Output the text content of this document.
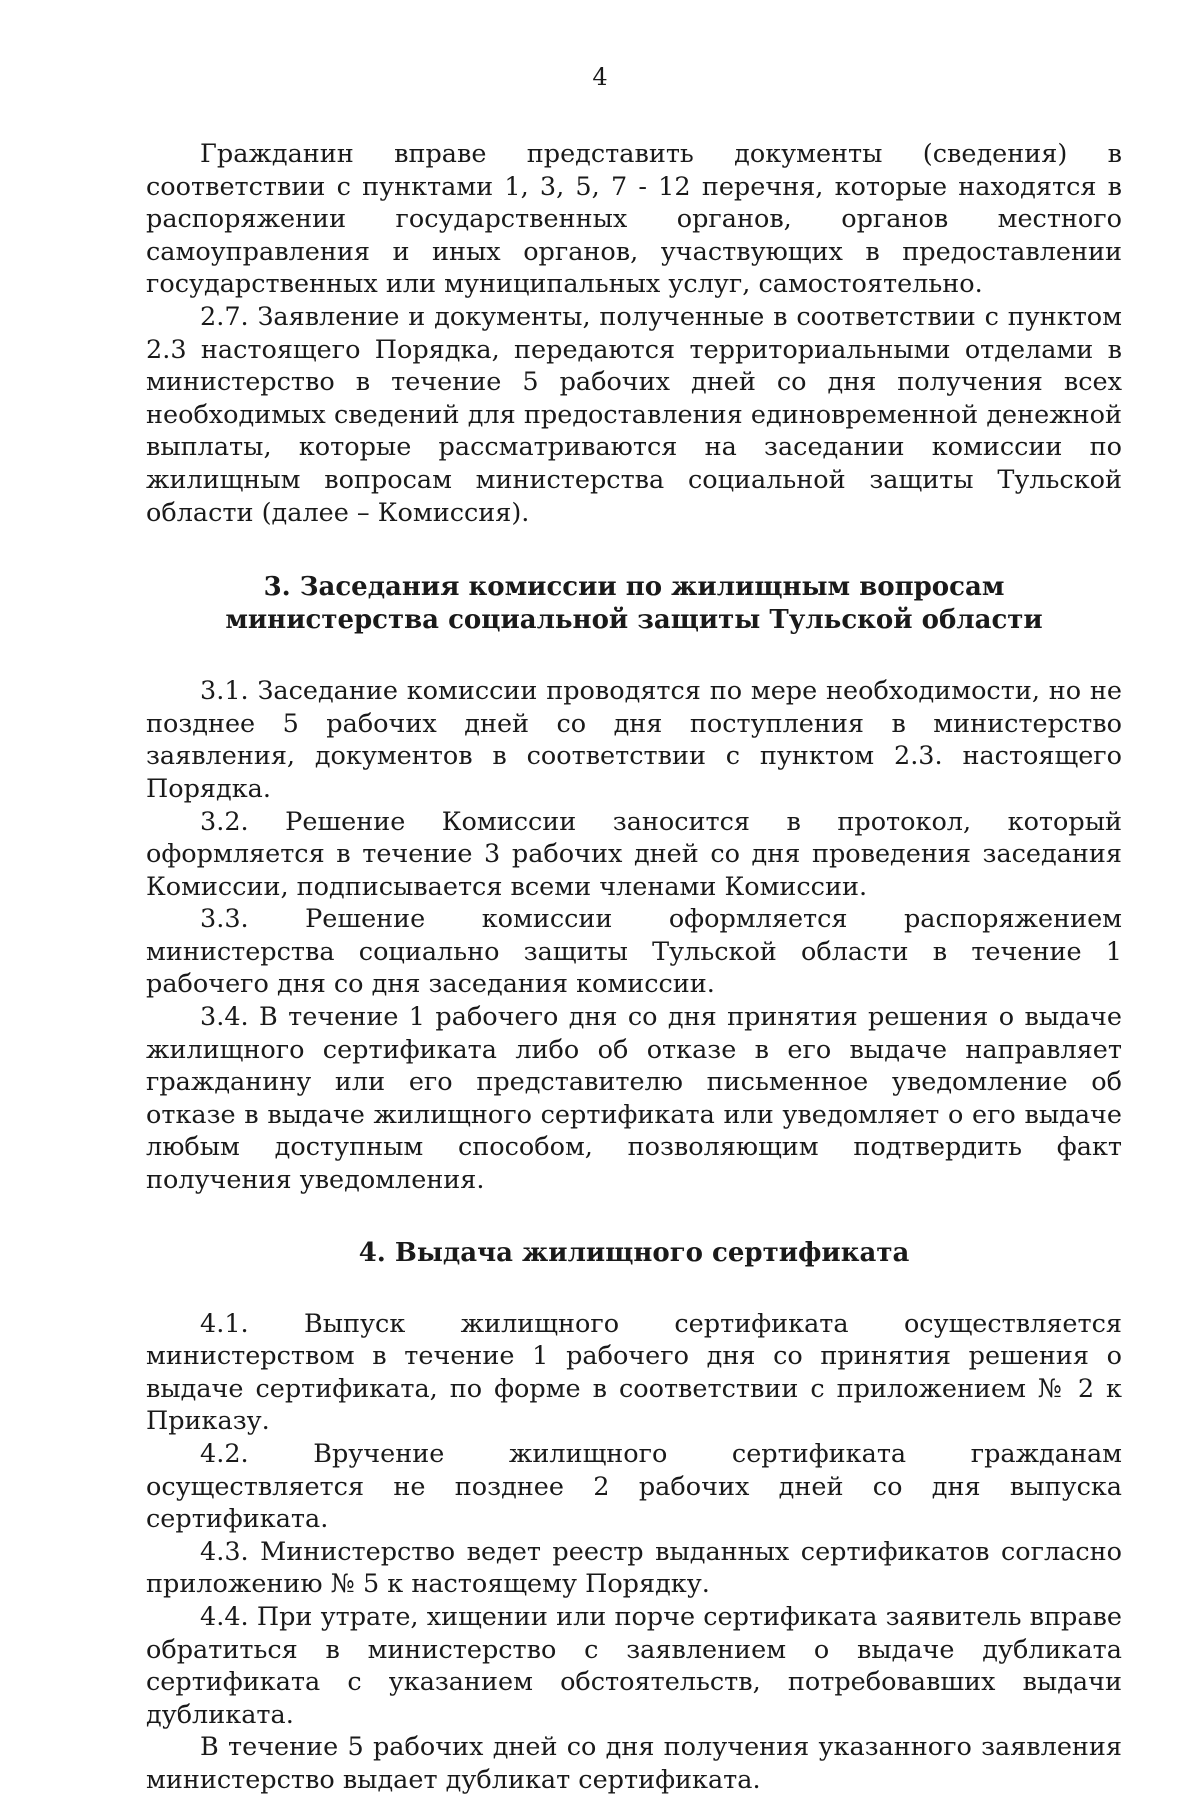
4

Гражданин вправе представить документы (сведения) в соответствии с пунктами 1, 3, 5, 7 - 12 перечня, которые находятся в распоряжении государственных органов, органов местного самоуправления и иных органов, участвующих в предоставлении государственных или муниципальных услуг, самостоятельно.

2.7. Заявление и документы, полученные в соответствии с пунктом 2.3 настоящего Порядка, передаются территориальными отделами в министерство в течение 5 рабочих дней со дня получения всех необходимых сведений для предоставления единовременной денежной выплаты, которые рассматриваются на заседании комиссии по жилищным вопросам министерства социальной защиты Тульской области (далее – Комиссия).

3. Заседания комиссии по жилищным вопросам
министерства социальной защиты Тульской области

3.1. Заседание комиссии проводятся по мере необходимости, но не позднее 5 рабочих дней со дня поступления в министерство заявления, документов в соответствии с пунктом 2.3. настоящего Порядка.

3.2. Решение Комиссии заносится в протокол, который оформляется в течение 3 рабочих дней со дня проведения заседания Комиссии, подписывается всеми членами Комиссии.

3.3. Решение комиссии оформляется распоряжением министерства социально защиты Тульской области в течение 1 рабочего дня со дня заседания комиссии.

3.4. В течение 1 рабочего дня со дня принятия решения о выдаче жилищного сертификата либо об отказе в его выдаче направляет гражданину или его представителю письменное уведомление об отказе в выдаче жилищного сертификата или уведомляет о его выдаче любым доступным способом, позволяющим подтвердить факт получения уведомления.

4. Выдача жилищного сертификата

4.1. Выпуск жилищного сертификата осуществляется министерством в течение 1 рабочего дня со принятия решения о выдаче сертификата, по форме в соответствии с приложением № 2 к Приказу.

4.2. Вручение жилищного сертификата гражданам осуществляется не позднее 2 рабочих дней со дня выпуска сертификата.

4.3. Министерство ведет реестр выданных сертификатов согласно приложению № 5 к настоящему Порядку.

4.4. При утрате, хищении или порче сертификата заявитель вправе обратиться в министерство с заявлением о выдаче дубликата сертификата с указанием обстоятельств, потребовавших выдачи дубликата.

В течение 5 рабочих дней со дня получения указанного заявления министерство выдает дубликат сертификата.
